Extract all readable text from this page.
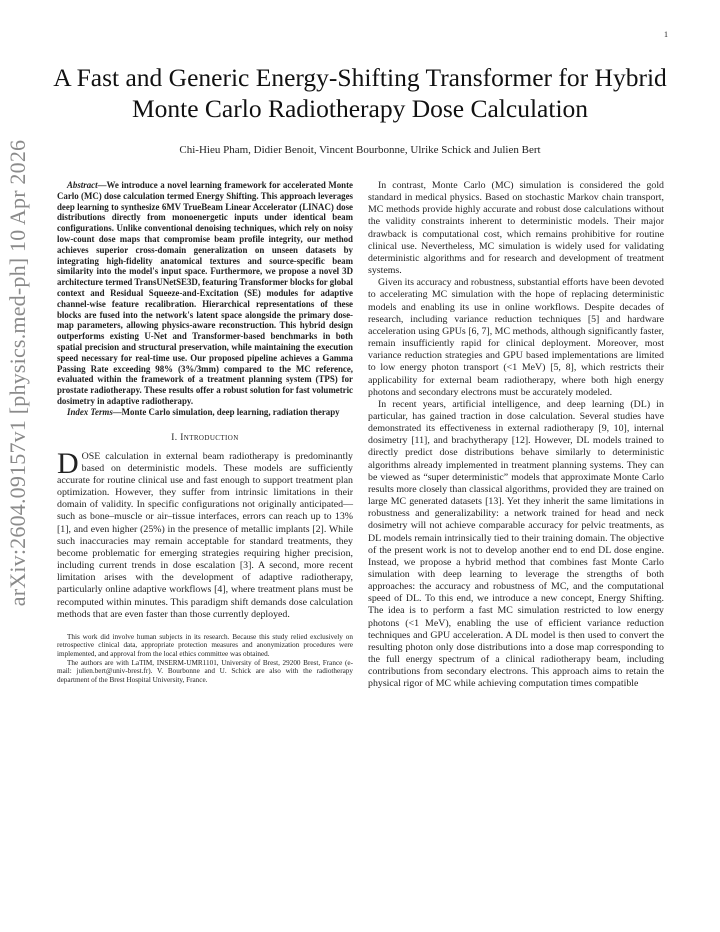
1
arXiv:2604.09157v1 [physics.med-ph] 10 Apr 2026
A Fast and Generic Energy-Shifting Transformer for Hybrid Monte Carlo Radiotherapy Dose Calculation
Chi-Hieu Pham, Didier Benoit, Vincent Bourbonne, Ulrike Schick and Julien Bert

Abstract—We introduce a novel learning framework for accelerated Monte Carlo (MC) dose calculation termed Energy Shifting. This approach leverages deep learning to synthesize 6MV TrueBeam Linear Accelerator (LINAC) dose distributions directly from monoenergetic inputs under identical beam configurations. Unlike conventional denoising techniques, which rely on noisy low-count dose maps that compromise beam profile integrity, our method achieves superior cross-domain generalization on unseen datasets by integrating high-fidelity anatomical textures and source-specific beam similarity into the model's input space. Furthermore, we propose a novel 3D architecture termed TransUNetSE3D, featuring Transformer blocks for global context and Residual Squeeze-and-Excitation (SE) modules for adaptive channel-wise feature recalibration. Hierarchical representations of these blocks are fused into the network's latent space alongside the primary dose-map parameters, allowing physics-aware reconstruction. This hybrid design outperforms existing U-Net and Transformer-based benchmarks in both spatial precision and structural preservation, while maintaining the execution speed necessary for real-time use. Our proposed pipeline achieves a Gamma Passing Rate exceeding 98% (3%/3mm) compared to the MC reference, evaluated within the framework of a treatment planning system (TPS) for prostate radiotherapy. These results offer a robust solution for fast volumetric dosimetry in adaptive radiotherapy.

Index Terms—Monte Carlo simulation, deep learning, radiation therapy

I. Introduction

DOSE calculation in external beam radiotherapy is predominantly based on deterministic models. These models are sufficiently accurate for routine clinical use and fast enough to support treatment plan optimization. However, they suffer from intrinsic limitations in their domain of validity. In specific configurations not originally anticipated—such as bone–muscle or air–tissue interfaces, errors can reach up to 13% [1], and even higher (25%) in the presence of metallic implants [2]. While such inaccuracies may remain acceptable for standard treatments, they become problematic for emerging strategies requiring higher precision, including current trends in dose escalation [3]. A second, more recent limitation arises with the development of adaptive radiotherapy, particularly online adaptive workflows [4], where treatment plans must be recomputed within minutes. This paradigm shift demands dose calculation methods that are even faster than those currently deployed.

This work did involve human subjects in its research. Because this study relied exclusively on retrospective clinical data, appropriate protection measures and anonymization procedures were implemented, and approval from the local ethics committee was obtained.

The authors are with LaTIM, INSERM-UMR1101, University of Brest, 29200 Brest, France (e-mail: julien.bert@univ-brest.fr). V. Bourbonne and U. Schick are also with the radiotherapy department of the Brest Hospital University, France.

In contrast, Monte Carlo (MC) simulation is considered the gold standard in medical physics. Based on stochastic Markov chain transport, MC methods provide highly accurate and robust dose calculations without the validity constraints inherent to deterministic models. Their major drawback is computational cost, which remains prohibitive for routine clinical use. Nevertheless, MC simulation is widely used for validating deterministic algorithms and for research and development of treatment systems.

Given its accuracy and robustness, substantial efforts have been devoted to accelerating MC simulation with the hope of replacing deterministic models and enabling its use in online workflows. Despite decades of research, including variance reduction techniques [5] and hardware acceleration using GPUs [6, 7], MC methods, although significantly faster, remain insufficiently rapid for clinical deployment. Moreover, most variance reduction strategies and GPU based implementations are limited to low energy photon transport (<1 MeV) [5, 8], which restricts their applicability for external beam radiotherapy, where both high energy photons and secondary electrons must be accurately modeled.

In recent years, artificial intelligence, and deep learning (DL) in particular, has gained traction in dose calculation. Several studies have demonstrated its effectiveness in external radiotherapy [9, 10], internal dosimetry [11], and brachytherapy [12]. However, DL models trained to directly predict dose distributions behave similarly to deterministic algorithms already implemented in treatment planning systems. They can be viewed as “super deterministic” models that approximate Monte Carlo results more closely than classical algorithms, provided they are trained on large MC generated datasets [13]. Yet they inherit the same limitations in robustness and generalizability: a network trained for head and neck dosimetry will not achieve comparable accuracy for pelvic treatments, as DL models remain intrinsically tied to their training domain. The objective of the present work is not to develop another end to end DL dose engine. Instead, we propose a hybrid method that combines fast Monte Carlo simulation with deep learning to leverage the strengths of both approaches: the accuracy and robustness of MC, and the computational speed of DL. To this end, we introduce a new concept, Energy Shifting. The idea is to perform a fast MC simulation restricted to low energy photons (<1 MeV), enabling the use of efficient variance reduction techniques and GPU acceleration. A DL model is then used to convert the resulting photon only dose distributions into a dose map corresponding to the full energy spectrum of a clinical radiotherapy beam, including contributions from secondary electrons. This approach aims to retain the physical rigor of MC while achieving computation times compatible
